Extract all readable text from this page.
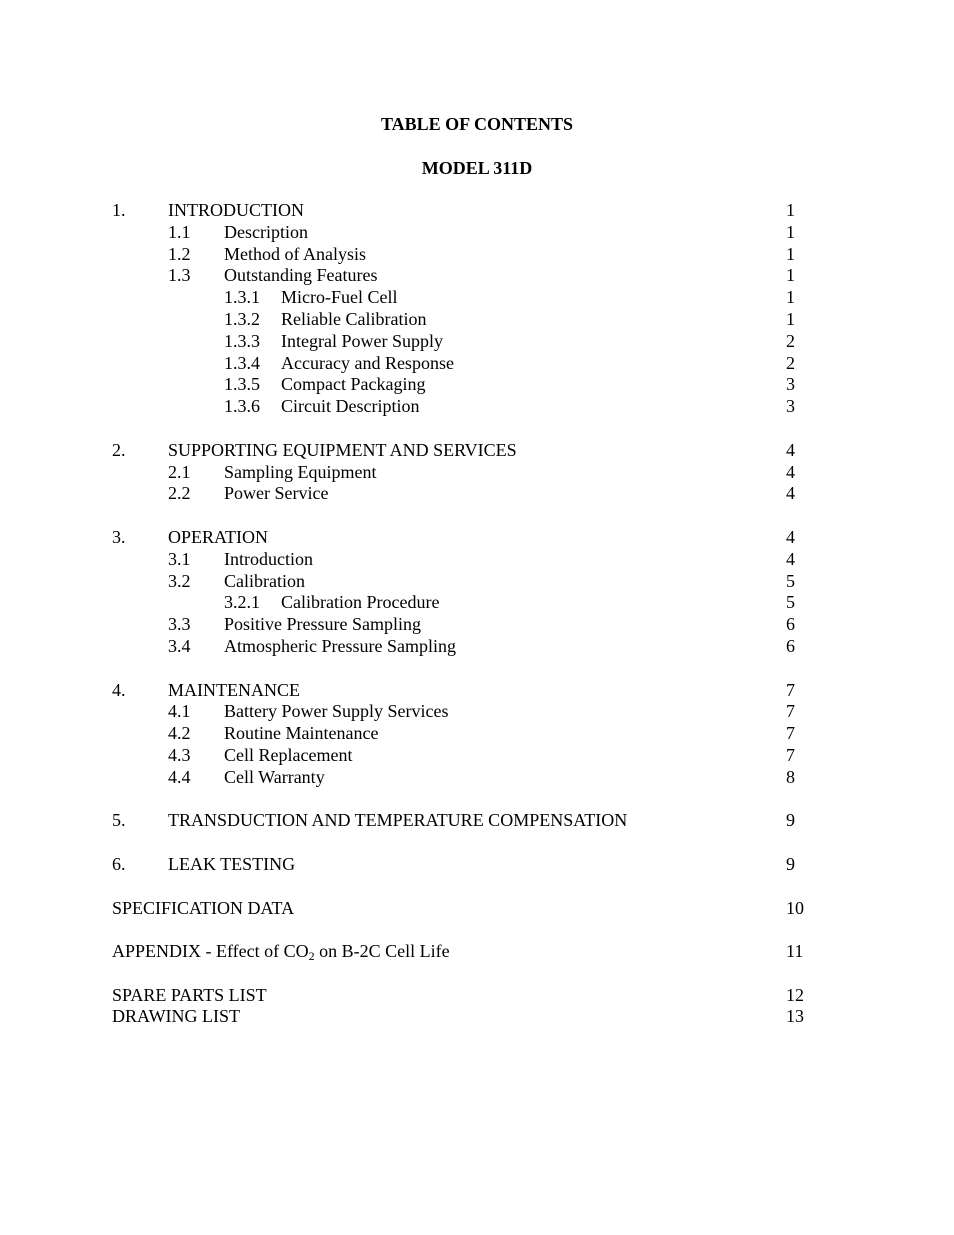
TABLE OF CONTENTS
MODEL 311D
1. INTRODUCTION	1
1.1 Description	1
1.2 Method of Analysis	1
1.3 Outstanding Features	1
1.3.1 Micro-Fuel Cell	1
1.3.2 Reliable Calibration	1
1.3.3 Integral Power Supply	2
1.3.4 Accuracy and Response	2
1.3.5 Compact Packaging	3
1.3.6 Circuit Description	3
2. SUPPORTING EQUIPMENT AND SERVICES	4
2.1 Sampling Equipment	4
2.2 Power Service	4
3. OPERATION	4
3.1 Introduction	4
3.2 Calibration	5
3.2.1 Calibration Procedure	5
3.3 Positive Pressure Sampling	6
3.4 Atmospheric Pressure Sampling	6
4. MAINTENANCE	7
4.1 Battery Power Supply Services	7
4.2 Routine Maintenance	7
4.3 Cell Replacement	7
4.4 Cell Warranty	8
5. TRANSDUCTION AND TEMPERATURE COMPENSATION	9
6. LEAK TESTING	9
SPECIFICATION DATA	10
APPENDIX - Effect of $CO_2$ on B-2C Cell Life	11
SPARE PARTS LIST	12
DRAWING LIST	13
